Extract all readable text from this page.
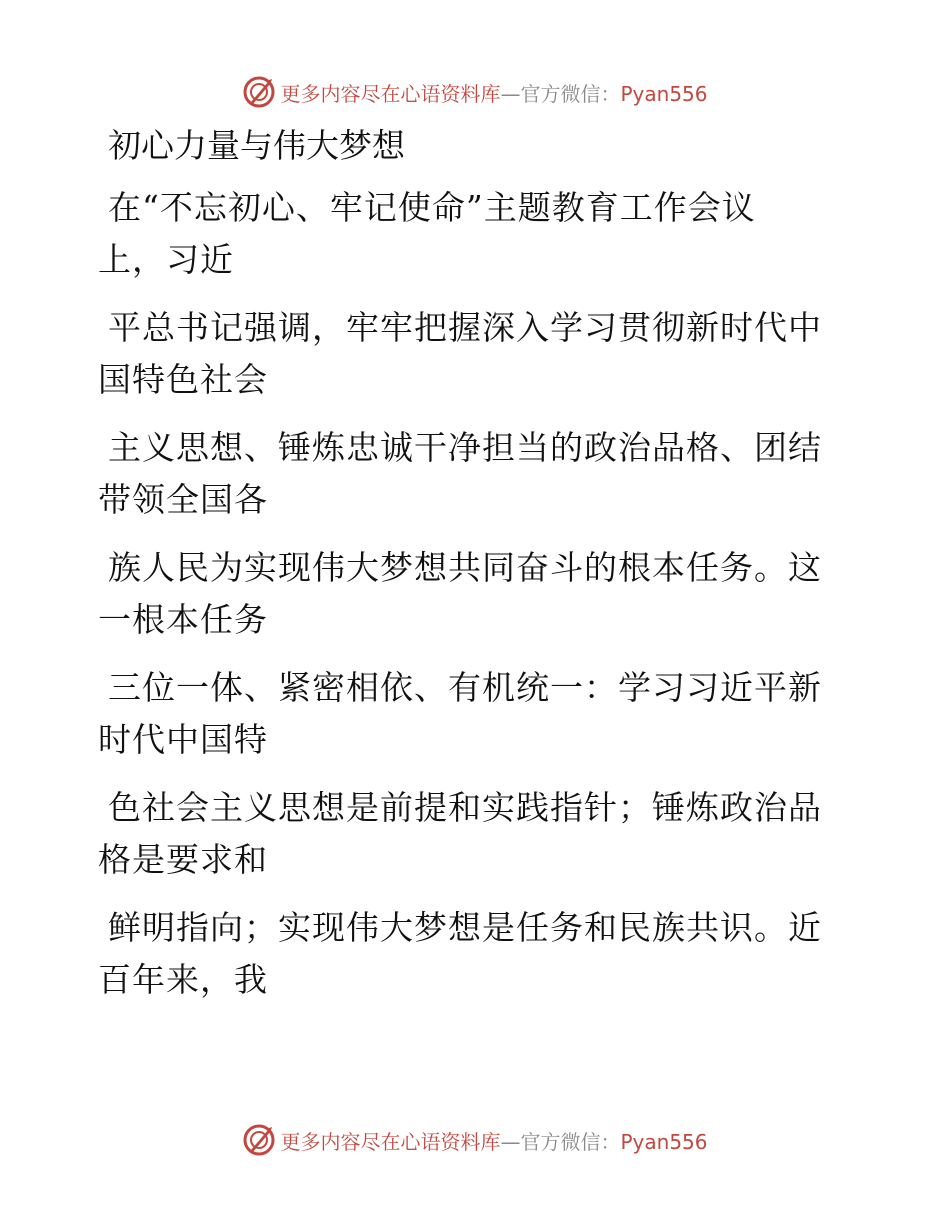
更多内容尽在心语资料库—官方微信：Pyan556
初心力量与伟大梦想
在“不忘初心、牢记使命”主题教育工作会议
上，习近
平总书记强调，牢牢把握深入学习贯彻新时代中
国特色社会
主义思想、锤炼忠诚干净担当的政治品格、团结
带领全国各
族人民为实现伟大梦想共同奋斗的根本任务。这
一根本任务
三位一体、紧密相依、有机统一：学习习近平新
时代中国特
色社会主义思想是前提和实践指针；锤炼政治品
格是要求和
鲜明指向；实现伟大梦想是任务和民族共识。近
百年来，我
更多内容尽在心语资料库—官方微信：Pyan556
